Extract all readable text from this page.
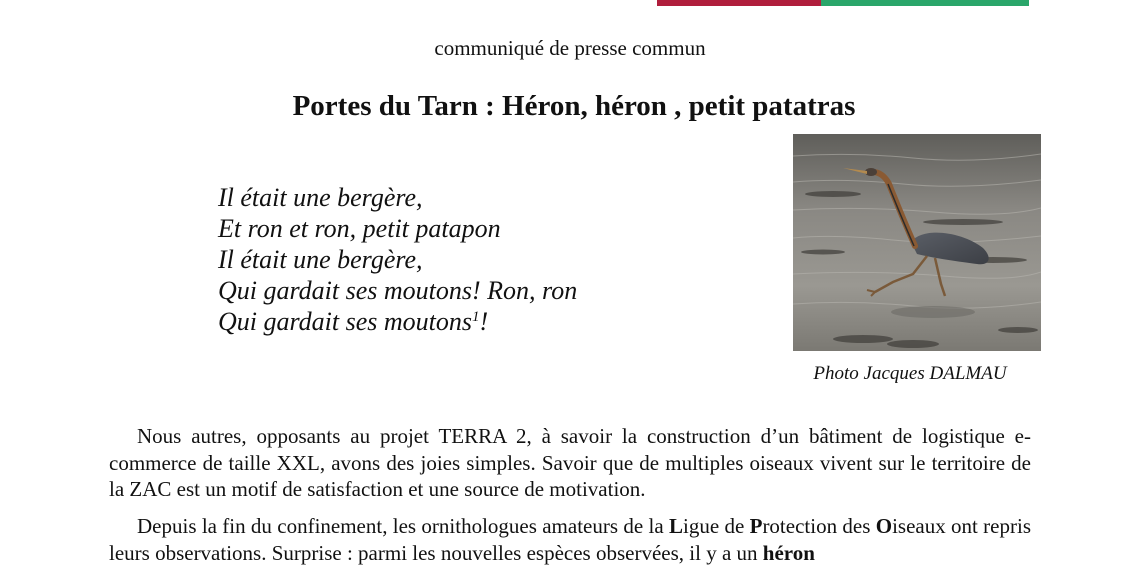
communiqué de presse commun
Portes du Tarn : Héron, héron , petit patatras
Il était une bergère,
Et ron et ron, petit patapon
Il était une bergère,
Qui gardait ses moutons! Ron, ron
Qui gardait ses moutons$^1$!
Photo Jacques DALMAU

Nous autres, opposants au projet TERRA 2, à savoir la construction d’un bâtiment de logistique e-commerce de taille XXL, avons des joies simples. Savoir que de multiples oiseaux vivent sur le territoire de la ZAC est un motif de satisfaction et une source de motivation.

Depuis la fin du confinement, les ornithologues amateurs de la Ligue de Protection des Oiseaux ont repris leurs observations. Surprise : parmi les nouvelles espèces observées, il y a un héron
